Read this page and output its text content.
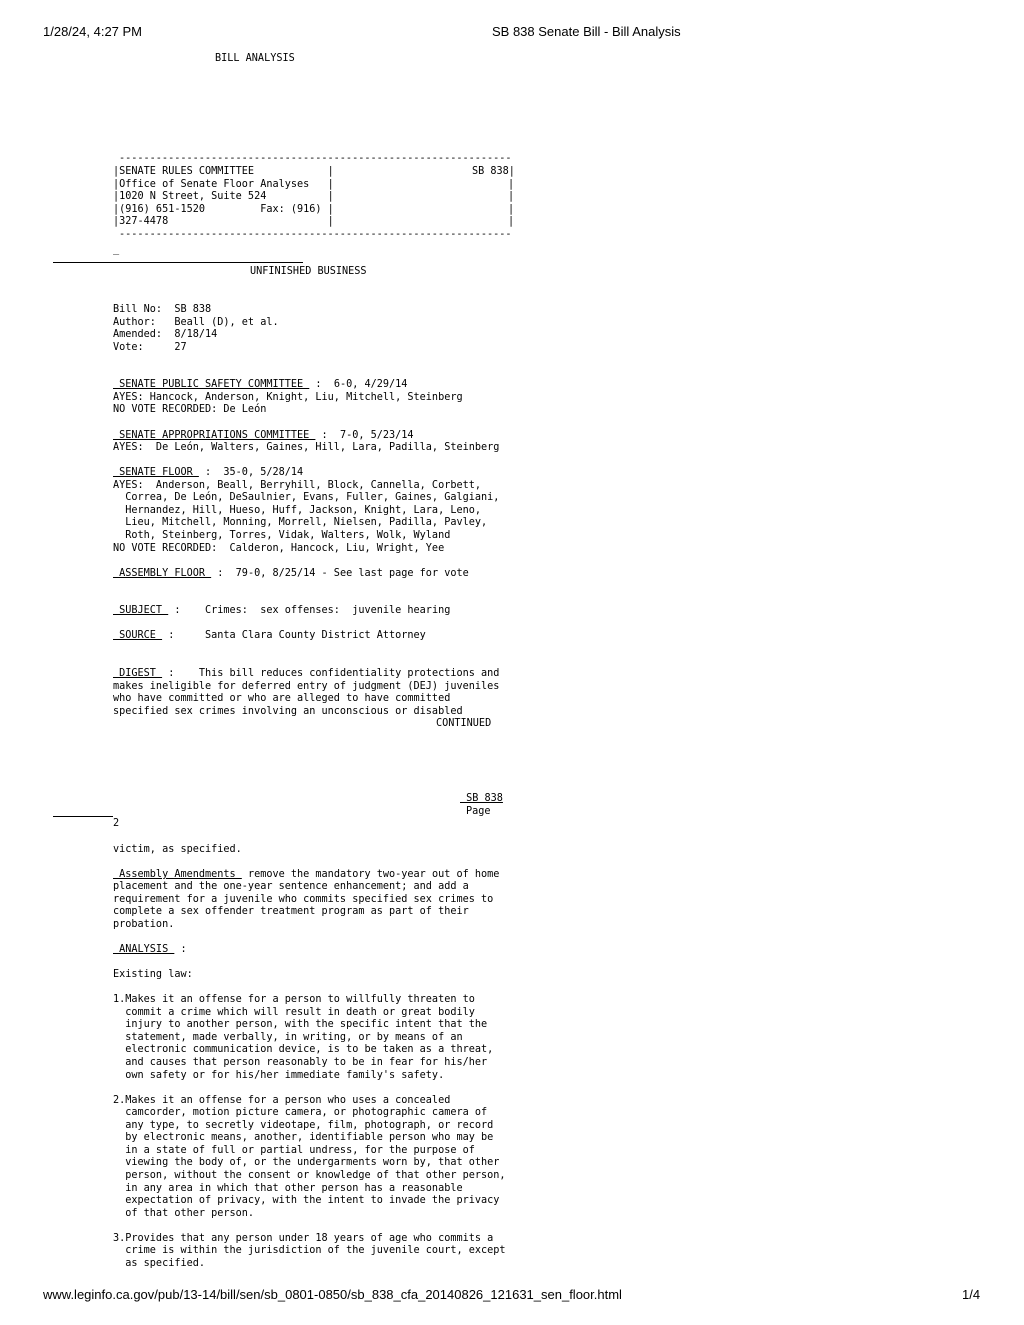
1/28/24, 4:27 PM	SB 838 Senate Bill - Bill Analysis
BILL ANALYSIS
----------------------------------------------------------------
|SENATE RULES COMMITTEE            |	SB 838|
|Office of Senate Floor Analyses   |
|1020 N Street, Suite 524          |
|(916) 651-1520         Fax: (916) |
|327-4478                          |
|
|
|
|
----------------------------------------------------------------
_
UNFINISHED BUSINESS
Bill No:  SB 838
Author:   Beall (D), et al.
Amended:  8/18/14
Vote:     27
SENATE PUBLIC SAFETY COMMITTEE  :  6-0, 4/29/14
AYES: Hancock, Anderson, Knight, Liu, Mitchell, Steinberg
NO VOTE RECORDED: De León
SENATE APPROPRIATIONS COMMITTEE  :  7-0, 5/23/14
AYES:  De León, Walters, Gaines, Hill, Lara, Padilla, Steinberg
SENATE FLOOR  :  35-0, 5/28/14
AYES:  Anderson, Beall, Berryhill, Block, Cannella, Corbett,
Correa, De León, DeSaulnier, Evans, Fuller, Gaines, Galgiani,
Hernandez, Hill, Hueso, Huff, Jackson, Knight, Lara, Leno,
Lieu, Mitchell, Monning, Morrell, Nielsen, Padilla, Pavley,
Roth, Steinberg, Torres, Vidak, Walters, Wolk, Wyland
NO VOTE RECORDED:  Calderon, Hancock, Liu, Wright, Yee
ASSEMBLY FLOOR  :  79-0, 8/25/14 - See last page for vote
SUBJECT  :    Crimes:  sex offenses:  juvenile hearing
SOURCE  :     Santa Clara County District Attorney
DIGEST  :    This bill reduces confidentiality protections and
makes ineligible for deferred entry of judgment (DEJ) juveniles
who have committed or who are alleged to have committed
specified sex crimes involving an unconscious or disabled
CONTINUED
SB 838
Page
2
victim, as specified.
Assembly Amendments  remove the mandatory two-year out of home
placement and the one-year sentence enhancement; and add a
requirement for a juvenile who commits specified sex crimes to
complete a sex offender treatment program as part of their
probation.
ANALYSIS  :
Existing law:
1.Makes it an offense for a person to willfully threaten to
commit a crime which will result in death or great bodily
injury to another person, with the specific intent that the
statement, made verbally, in writing, or by means of an
electronic communication device, is to be taken as a threat,
and causes that person reasonably to be in fear for his/her
own safety or for his/her immediate family's safety.
2.Makes it an offense for a person who uses a concealed
camcorder, motion picture camera, or photographic camera of
any type, to secretly videotape, film, photograph, or record
by electronic means, another, identifiable person who may be
in a state of full or partial undress, for the purpose of
viewing the body of, or the undergarments worn by, that other
person, without the consent or knowledge of that other person,
in any area in which that other person has a reasonable
expectation of privacy, with the intent to invade the privacy
of that other person.
3.Provides that any person under 18 years of age who commits a
crime is within the jurisdiction of the juvenile court, except
as specified.
www.leginfo.ca.gov/pub/13-14/bill/sen/sb_0801-0850/sb_838_cfa_20140826_121631_sen_floor.html	1/4
